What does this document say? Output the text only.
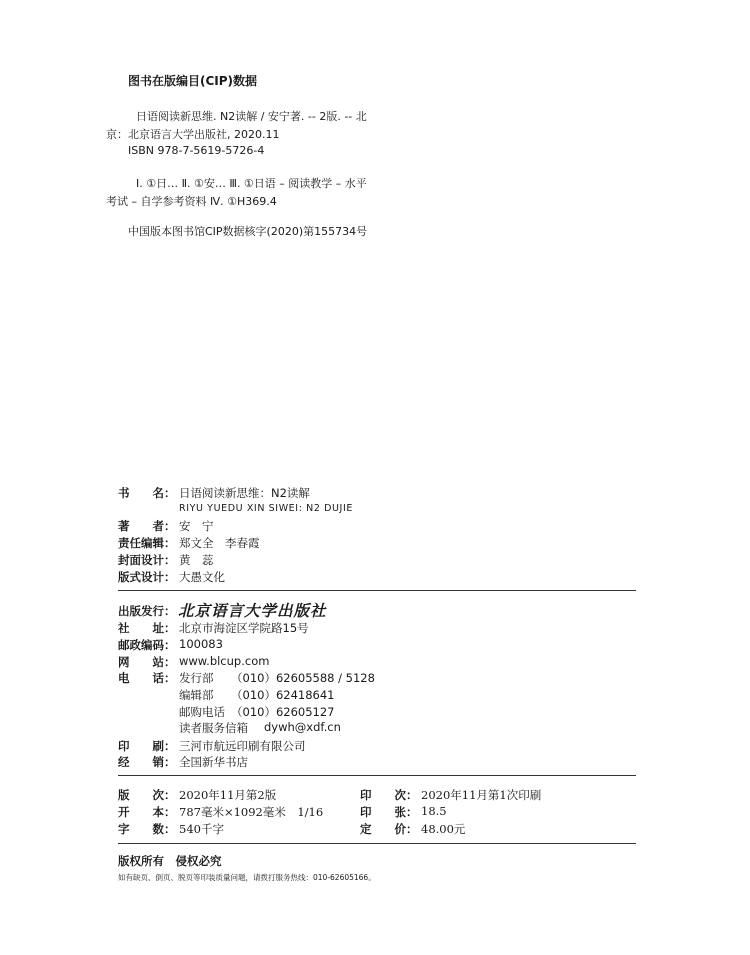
图书在版编目(CIP)数据
日语阅读新思维. N2读解 / 安宁著. -- 2版. -- 北
京：北京语言大学出版社, 2020.11
ISBN 978-7-5619-5726-4
Ⅰ. ①日… Ⅱ. ①安… Ⅲ. ①日语 – 阅读教学 – 水平
考试 – 自学参考资料 Ⅳ. ①H369.4
中国版本图书馆CIP数据核字(2020)第155734号
书　　名： 日语阅读新思维：N2读解
RIYU YUEDU XIN SIWEI: N2 DUJIE
著　　者： 安　宁
责任编辑： 郑文全　李春霞
封面设计： 黄　蕊
版式设计： 大愚文化
出版发行： 北京语言大学出版社
社　　址： 北京市海淀区学院路15号
邮政编码： 100083
网　　站： www.blcup.com
电　　话： 发行部 （010）62605588 / 5128
编辑部 （010）62418641
邮购电话 （010）62605127
读者服务信箱 dywh@xdf.cn
印　　刷： 三河市航远印刷有限公司
经　　销： 全国新华书店
版　　次： 2020年11月第2版	印　　次： 2020年11月第1次印刷
开　　本： 787毫米×1092毫米　1/16	印　　张： 18.5
字　　数： 540千字	定　　价： 48.00元
版权所有　侵权必究
如有缺页、倒页、脱页等印装质量问题，请拨打服务热线：010-62605166。
